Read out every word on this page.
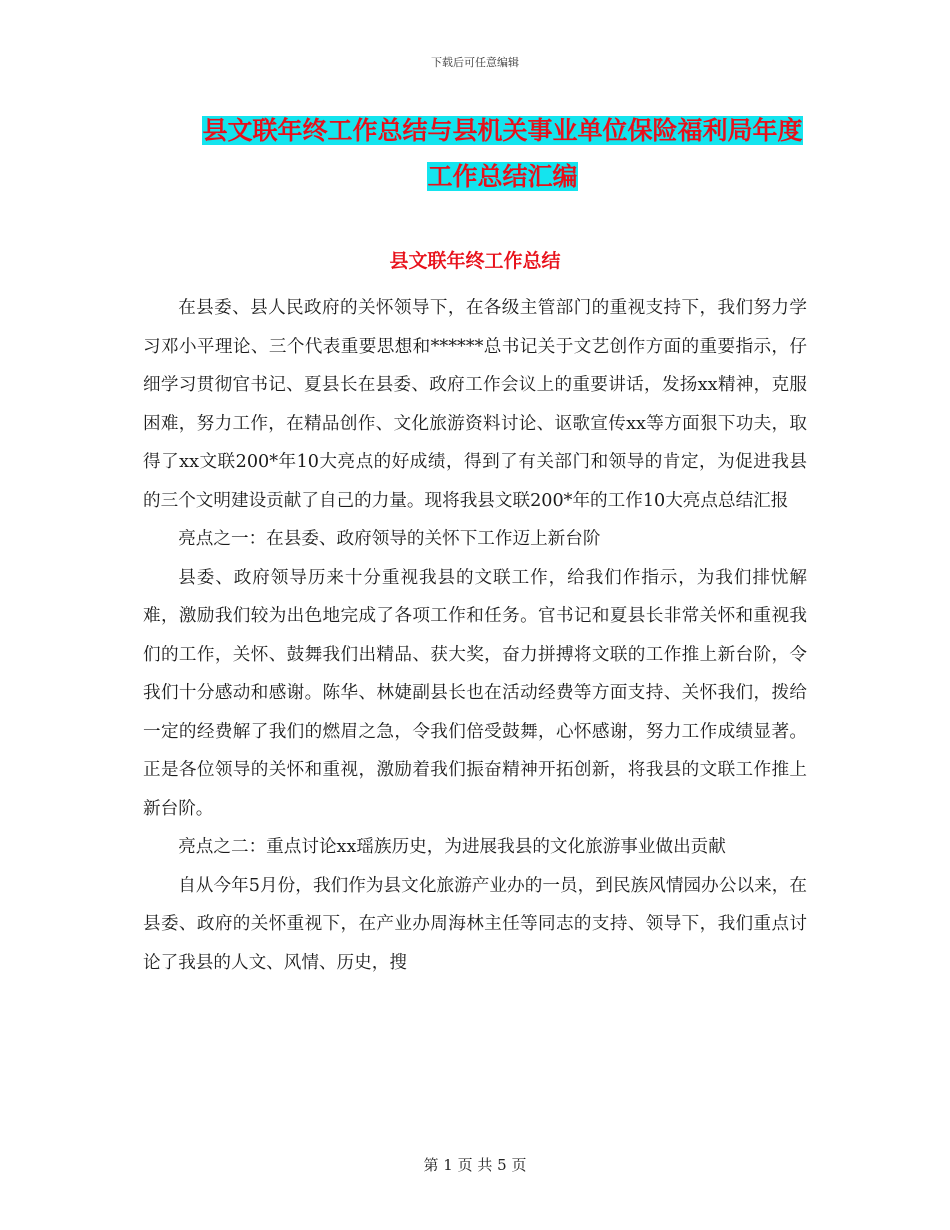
下载后可任意编辑
县文联年终工作总结与县机关事业单位保险福利局年度工作总结汇编
县文联年终工作总结

在县委、县人民政府的关怀领导下，在各级主管部门的重视支持下，我们努力学习邓小平理论、三个代表重要思想和******总书记关于文艺创作方面的重要指示，仔细学习贯彻官书记、夏县长在县委、政府工作会议上的重要讲话，发扬xx精神，克服困难，努力工作，在精品创作、文化旅游资料讨论、讴歌宣传xx等方面狠下功夫，取得了xx文联200*年10大亮点的好成绩，得到了有关部门和领导的肯定，为促进我县的三个文明建设贡献了自己的力量。现将我县文联200*年的工作10大亮点总结汇报

亮点之一：在县委、政府领导的关怀下工作迈上新台阶

县委、政府领导历来十分重视我县的文联工作，给我们作指示，为我们排忧解难，激励我们较为出色地完成了各项工作和任务。官书记和夏县长非常关怀和重视我们的工作，关怀、鼓舞我们出精品、获大奖，奋力拼搏将文联的工作推上新台阶，令我们十分感动和感谢。陈华、林婕副县长也在活动经费等方面支持、关怀我们，拨给一定的经费解了我们的燃眉之急，令我们倍受鼓舞，心怀感谢，努力工作成绩显著。正是各位领导的关怀和重视，激励着我们振奋精神开拓创新，将我县的文联工作推上新台阶。

亮点之二：重点讨论xx瑶族历史，为进展我县的文化旅游事业做出贡献

自从今年5月份，我们作为县文化旅游产业办的一员，到民族风情园办公以来，在县委、政府的关怀重视下，在产业办周海林主任等同志的支持、领导下，我们重点讨论了我县的人文、风情、历史，搜

第 1 页 共 5 页
